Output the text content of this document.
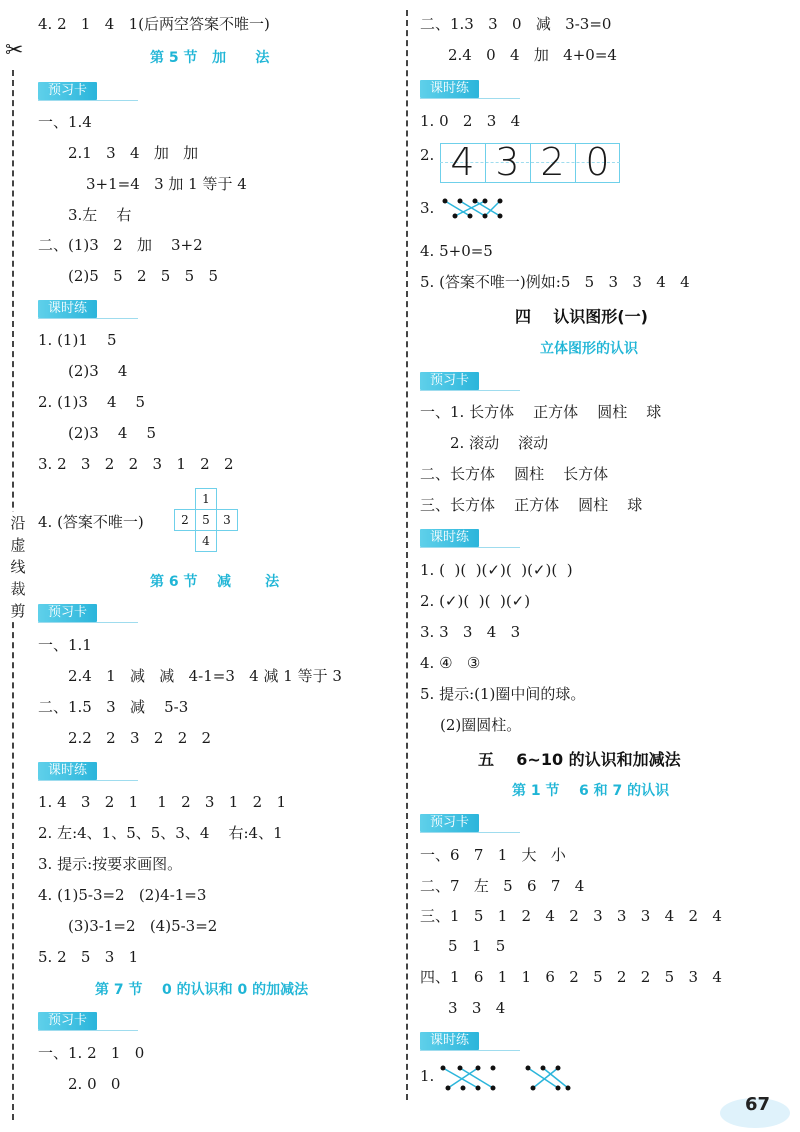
✂
沿
虚
线
裁
剪
4. 2   1   4   1(后两空答案不唯一)
第 5 节   加      法
预习卡
一、1.4
2.1   3   4   加   加
3+1=4   3 加 1 等于 4
3.左    右
二、(1)3   2   加    3+2
(2)5   5   2   5   5   5
课时练
1. (1)1    5
(2)3    4
2. (1)3    4    5
(2)3    4    5
3. 2   3   2   2   3   1   2   2
4. (答案不唯一)
	1	
2	5	3
	4	
第 6 节    减       法
预习卡
一、1.1
2.4   1   减   减   4-1=3   4 减 1 等于 3
二、1.5   3   减    5-3
2.2   2   3   2   2   2
课时练
1. 4   3   2   1    1   2   3   1   2   1
2. 左:4、1、5、5、3、4    右:4、1
3. 提示:按要求画图。
4. (1)5-3=2   (2)4-1=3
(3)3-1=2   (4)5-3=2
5. 2   5   3   1
第 7 节    0 的认识和 0 的加减法
预习卡
一、1. 2   1   0
2. 0   0
二、1.3   3   0   减   3-3=0
2.4   0   4   加   4+0=4
课时练
1. 0   2   3   4
2. 4 3 2 0
3.
4. 5+0=5
5. (答案不唯一)例如:5   5   3   3   4   4
四    认识图形(一)
立体图形的认识
预习卡
一、1. 长方体    正方体    圆柱    球
2. 滚动    滚动
二、长方体    圆柱    长方体
三、长方体    正方体    圆柱    球
课时练
1. (  )(  )(✓)(  )(✓)(  )
2. (✓)(  )(  )(✓)
3. 3   3   4   3
4. ④   ③
5. 提示:(1)圈中间的球。
(2)圈圆柱。
五    6~10 的认识和加减法
第 1 节    6 和 7 的认识
预习卡
一、6   7   1   大   小
二、7   左   5   6   7   4
三、1   5   1   2   4   2   3   3   3   4   2   4
5   1   5
四、1   6   1   1   6   2   5   2   2   5   3   4
3   3   4
课时练
1.
67
